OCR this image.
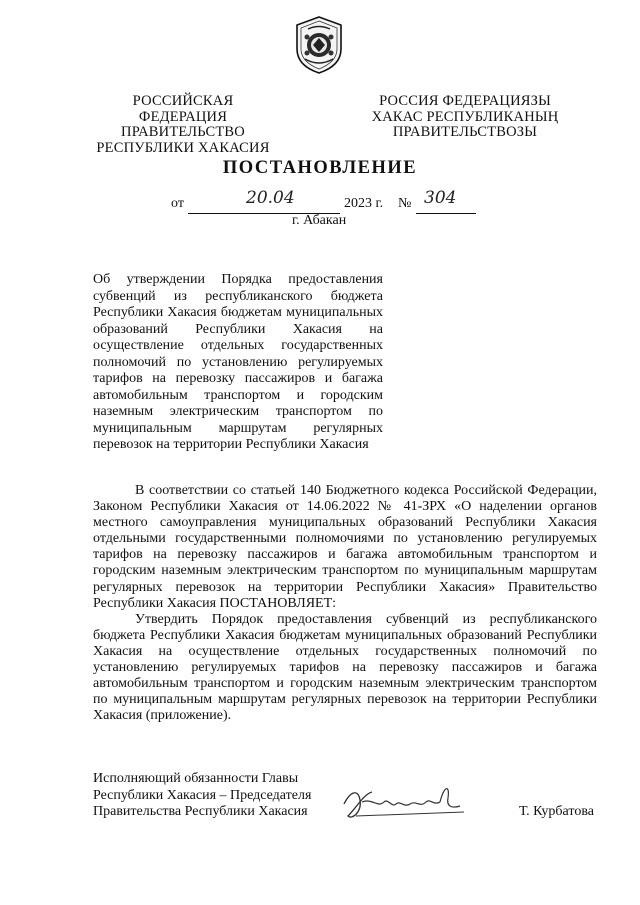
РОССИЙСКАЯ ФЕДЕРАЦИЯ
ПРАВИТЕЛЬСТВО
РЕСПУБЛИКИ ХАКАСИЯ
РОССИЯ ФЕДЕРАЦИЯЗЫ
ХАКАС РЕСПУБЛИКАНЫҢ
ПРАВИТЕЛЬСТВОЗЫ
ПОСТАНОВЛЕНИЕ
от	20.04	2023 г. № 304
г. Абакан
Об утверждении Порядка предоставления субвенций из республиканского бюджета Республики Хакасия бюджетам муниципальных образований Республики Хакасия на осуществление отдельных государственных полномочий по установлению регулируемых тарифов на перевозку пассажиров и багажа автомобильным транспортом и городским наземным электрическим транспортом по муниципальным маршрутам регулярных перевозок на территории Республики Хакасия

В соответствии со статьей 140 Бюджетного кодекса Российской Федерации, Законом Республики Хакасия от 14.06.2022 № 41-ЗРХ «О наделении органов местного самоуправления муниципальных образований Республики Хакасия отдельными государственными полномочиями по установлению регулируемых тарифов на перевозку пассажиров и багажа автомобильным транспортом и городским наземным электрическим транспортом по муниципальным маршрутам регулярных перевозок на территории Республики Хакасия» Правительство Республики Хакасия ПОСТАНОВЛЯЕТ:

Утвердить Порядок предоставления субвенций из республиканского бюджета Республики Хакасия бюджетам муниципальных образований Республики Хакасия на осуществление отдельных государственных полномочий по установлению регулируемых тарифов на перевозку пассажиров и багажа автомобильным транспортом и городским наземным электрическим транспортом по муниципальным маршрутам регулярных перевозок на территории Республики Хакасия (приложение).

Исполняющий обязанности Главы
Республики Хакасия – Председателя
Правительства Республики Хакасия	Т. Курбатова
